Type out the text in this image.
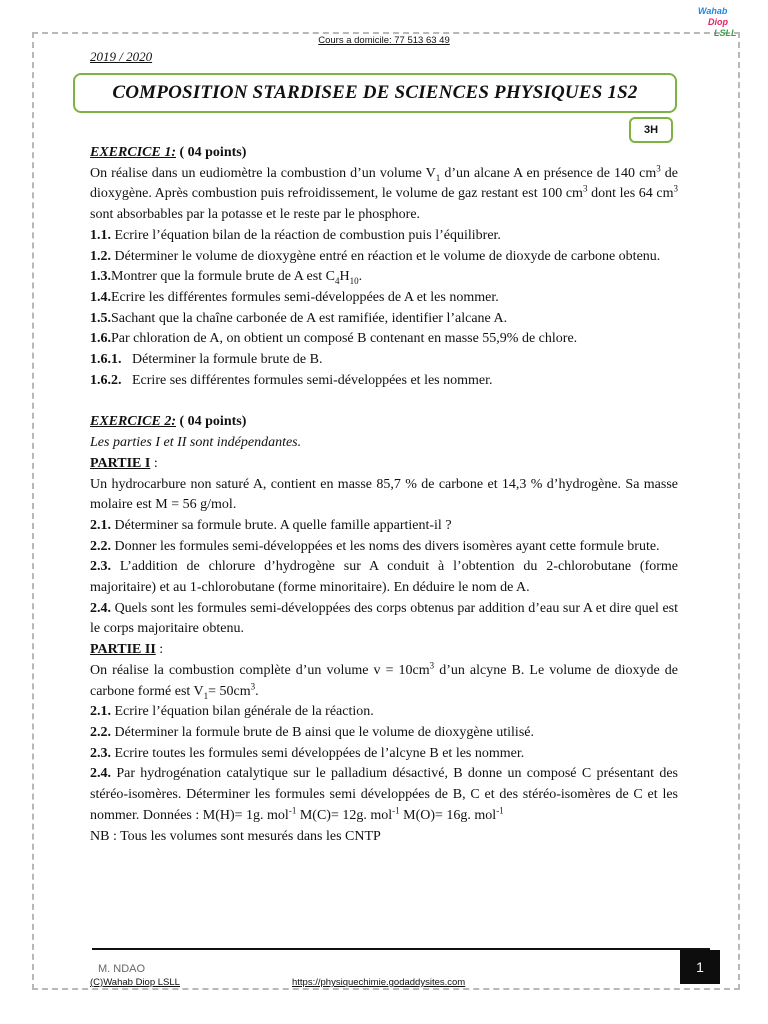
Cours a domicile: 77 513 63 49
Wahab
Diop
LSLL
2019 / 2020
COMPOSITION STARDISEE DE SCIENCES PHYSIQUES 1S2
3H

EXERCICE 1: ( 04 points)

On réalise dans un eudiomètre la combustion d’un volume $V_1$ d’un alcane A en présence de 140 $cm^3$ de dioxygène. Après combustion puis refroidissement, le volume de gaz restant est 100 $cm^3$ dont les 64 $cm^3$ sont absorbables par la potasse et le reste par le phosphore.

1.1. Ecrire l’équation bilan de la réaction de combustion puis l’équilibrer.

1.2. Déterminer le volume de dioxygène entré en réaction et le volume de dioxyde de carbone obtenu.

1.3.Montrer que la formule brute de A est $C_4H_{10}$.

1.4.Ecrire les différentes formules semi-développées de A et les nommer.

1.5.Sachant que la chaîne carbonée de A est ramifiée, identifier l’alcane A.

1.6.Par chloration de A, on obtient un composé B contenant en masse 55,9% de chlore.

1.6.1.   Déterminer la formule brute de B.

1.6.2.   Ecrire ses différentes formules semi-développées et les nommer.

EXERCICE 2: ( 04 points)

Les parties I et II sont indépendantes.

PARTIE I :

Un hydrocarbure non saturé A, contient en masse 85,7 % de carbone et 14,3 % d’hydrogène. Sa masse molaire est M = 56 g/mol.

2.1. Déterminer sa formule brute. A quelle famille appartient-il ?

2.2. Donner les formules semi-développées et les noms des divers isomères ayant cette formule brute.

2.3. L’addition de chlorure d’hydrogène sur A conduit à l’obtention du 2-chlorobutane (forme majoritaire) et au 1-chlorobutane (forme minoritaire). En déduire le nom de A.

2.4. Quels sont les formules semi-développées des corps obtenus par addition d’eau sur A et dire quel est le corps majoritaire obtenu.

PARTIE II :

On réalise la combustion complète d’un volume $v = 10cm^3$ d’un alcyne B. Le volume de dioxyde de carbone formé est $V_1= 50cm^3$.

2.1. Ecrire l’équation bilan générale de la réaction.

2.2. Déterminer la formule brute de B ainsi que le volume de dioxygène utilisé.

2.3. Ecrire toutes les formules semi développées de l’alcyne B et les nommer.

2.4. Par hydrogénation catalytique sur le palladium désactivé, B donne un composé C présentant des stéréo-isomères. Déterminer les formules semi développées de B, C et des stéréo-isomères de C et les nommer. Données : M(H)= 1g. mol$^{-1}$ M(C)= 12g. mol$^{-1}$ M(O)= 16g. mol$^{-1}$

NB : Tous les volumes sont mesurés dans les CNTP

M. NDAO
(C)Wahab Diop LSLL	https://physiquechimie.godaddysites.com
1
